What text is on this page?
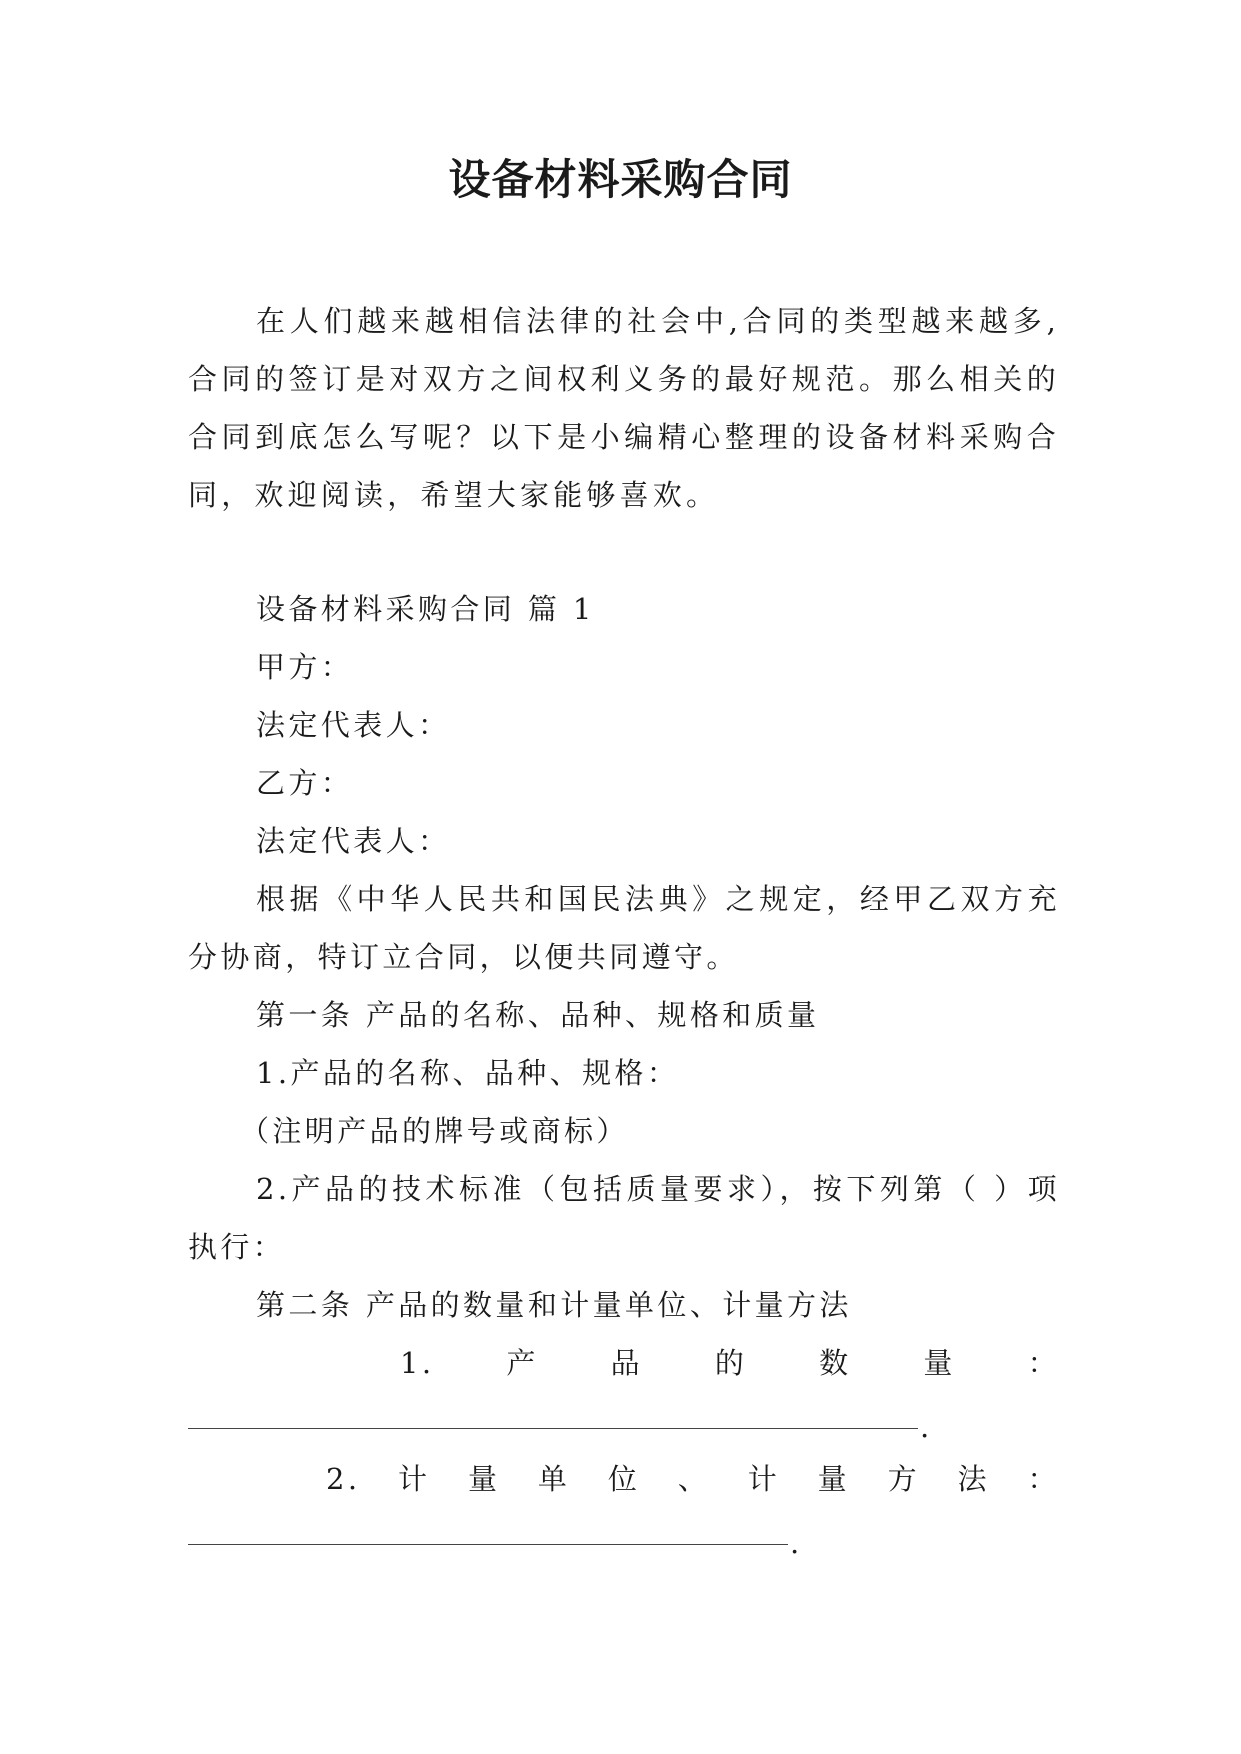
设备材料采购合同

在人们越来越相信法律的社会中,合同的类型越来越多,合同的签订是对双方之间权利义务的最好规范。那么相关的合同到底怎么写呢？以下是小编精心整理的设备材料采购合同，欢迎阅读，希望大家能够喜欢。

设备材料采购合同 篇 1

甲方：

法定代表人：

乙方：

法定代表人：

根据《中华人民共和国民法典》之规定，经甲乙双方充分协商，特订立合同，以便共同遵守。

第一条 产品的名称、品种、规格和质量

1.产品的名称、品种、规格：

（注明产品的牌号或商标）

2.产品的技术标准（包括质量要求），按下列第（ ）项执行：

第二条 产品的数量和计量单位、计量方法

1. 产 品 的 数 量 ：
.
2. 计 量 单 位 、 计 量 方 法 ：
.
